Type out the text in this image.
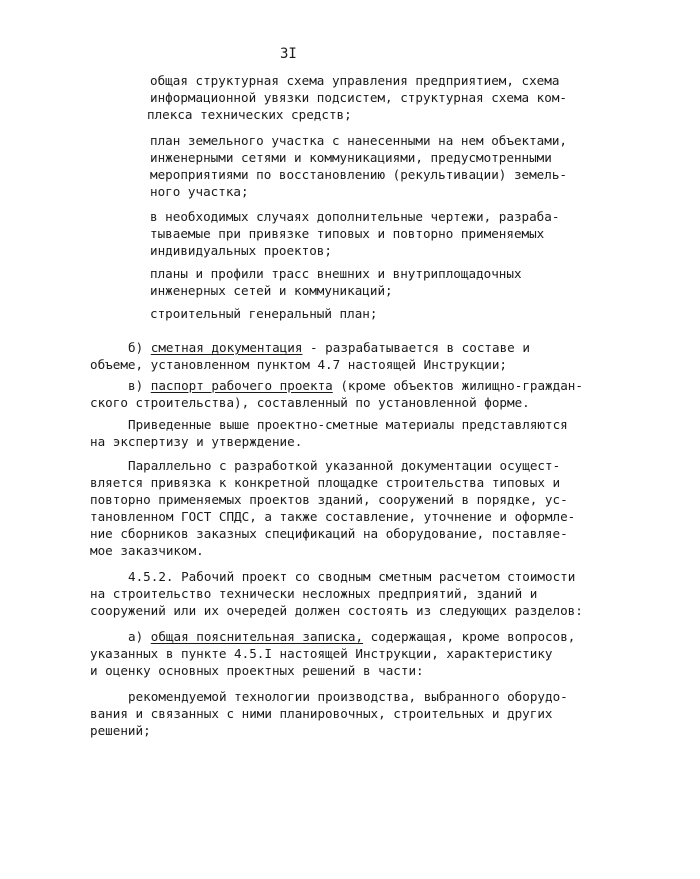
3I

общая структурная схема управления предприятием, схема
информационной увязки подсистем, структурная схема ком-
плекса технических средств;

план земельного участка с нанесенными на нем объектами,
инженерными сетями и коммуникациями, предусмотренными
мероприятиями по восстановлению (рекультивации) земель-
ного участка;

в необходимых случаях дополнительные чертежи, разраба-
тываемые при привязке типовых и повторно применяемых
индивидуальных проектов;

планы и профили трасс внешних и внутриплощадочных
инженерных сетей и коммуникаций;

строительный генеральный план;

б) сметная документация - разрабатывается в составе и
объеме, установленном пунктом 4.7 настоящей Инструкции;

в) паспорт рабочего проекта (кроме объектов жилищно-граждан-
ского строительства), составленный по установленной форме.

Приведенные выше проектно-сметные материалы представляются
на экспертизу и утверждение.

Параллельно с разработкой указанной документации осущест-
вляется привязка к конкретной площадке строительства типовых и
повторно применяемых проектов зданий, сооружений в порядке, ус-
тановленном ГОСТ СПДС, а также составление, уточнение и оформле-
ние сборников заказных спецификаций на оборудование, поставляе-
мое заказчиком.

4.5.2. Рабочий проект со сводным сметным расчетом стоимости
на строительство технически несложных предприятий, зданий и
сооружений или их очередей должен состоять из следующих разделов:

а) общая пояснительная записка, содержащая, кроме вопросов,
указанных в пункте 4.5.I настоящей Инструкции, характеристику
и оценку основных проектных решений в части:

рекомендуемой технологии производства, выбранного оборудо-
вания и связанных с ними планировочных, строительных и других
решений;
